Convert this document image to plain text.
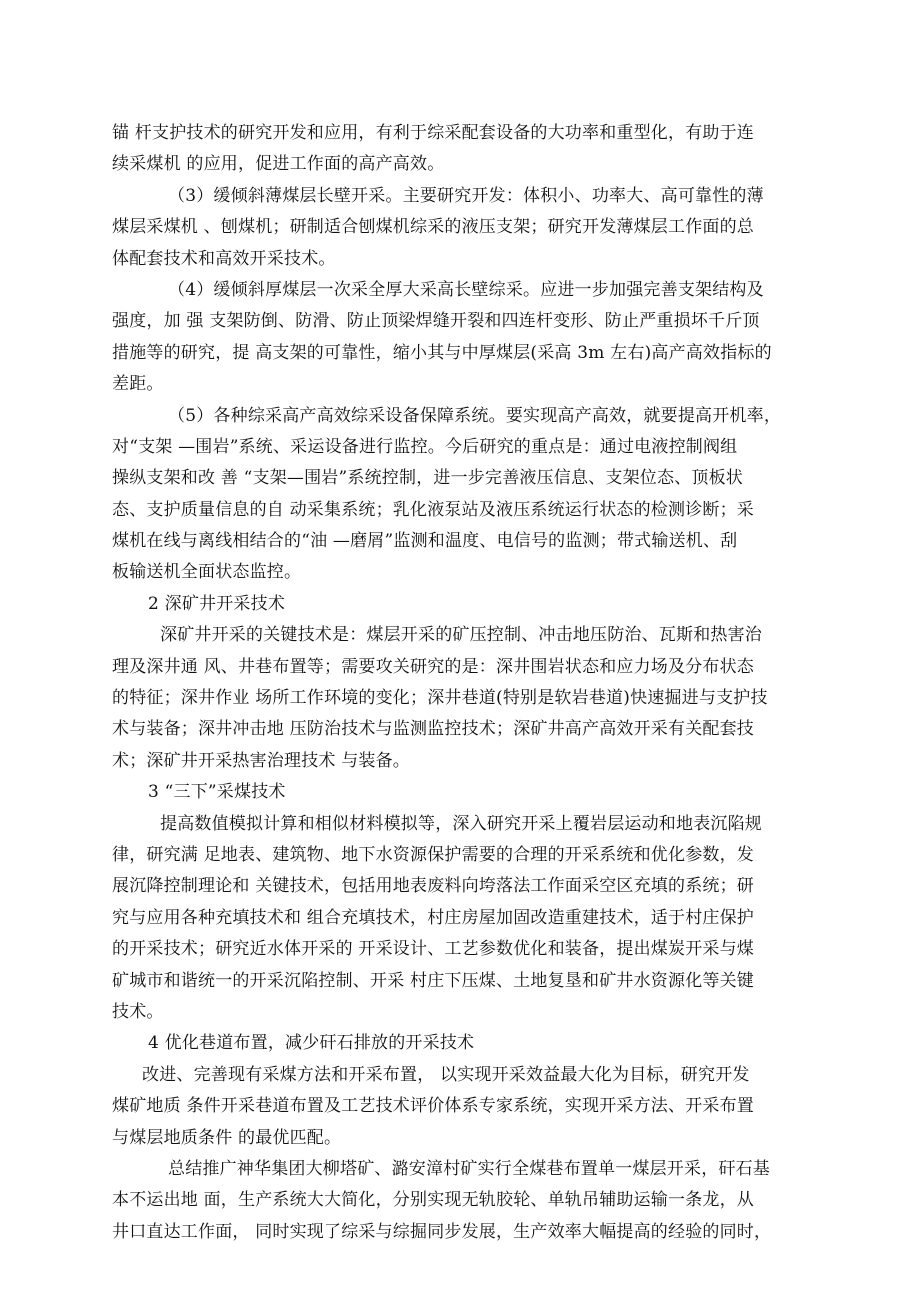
锚 杆支护技术的研究开发和应用，有利于综采配套设备的大功率和重型化，有助于连
续采煤机 的应用，促进工作面的高产高效。
（3）缓倾斜薄煤层长壁开采。主要研究开发：体积小、功率大、高可靠性的薄
煤层采煤机 、刨煤机；研制适合刨煤机综采的液压支架；研究开发薄煤层工作面的总
体配套技术和高效开采技术。
（4）缓倾斜厚煤层一次采全厚大采高长壁综采。应进一步加强完善支架结构及
强度，加 强 支架防倒、防滑、防止顶梁焊缝开裂和四连杆变形、防止严重损坏千斤顶
措施等的研究，提 高支架的可靠性，缩小其与中厚煤层(采高 3m 左右)高产高效指标的
差距。
（5）各种综采高产高效综采设备保障系统。要实现高产高效，就要提高开机率，
对“支架 —围岩”系统、采运设备进行监控。今后研究的重点是：通过电液控制阀组
操纵支架和改 善 “支架—围岩”系统控制，进一步完善液压信息、支架位态、顶板状
态、支护质量信息的自 动采集系统；乳化液泵站及液压系统运行状态的检测诊断；采
煤机在线与离线相结合的“油 —磨屑”监测和温度、电信号的监测；带式输送机、刮
板输送机全面状态监控。
2 深矿井开采技术
深矿井开采的关键技术是：煤层开采的矿压控制、冲击地压防治、瓦斯和热害治
理及深井通 风、井巷布置等；需要攻关研究的是：深井围岩状态和应力场及分布状态
的特征；深井作业 场所工作环境的变化；深井巷道(特别是软岩巷道)快速掘进与支护技
术与装备；深井冲击地 压防治技术与监测监控技术；深矿井高产高效开采有关配套技
术；深矿井开采热害治理技术 与装备。
3 “三下”采煤技术
提高数值模拟计算和相似材料模拟等，深入研究开采上覆岩层运动和地表沉陷规
律，研究满 足地表、建筑物、地下水资源保护需要的合理的开采系统和优化参数，发
展沉降控制理论和 关键技术，包括用地表废料向垮落法工作面采空区充填的系统；研
究与应用各种充填技术和 组合充填技术，村庄房屋加固改造重建技术，适于村庄保护
的开采技术；研究近水体开采的 开采设计、工艺参数优化和装备，提出煤炭开采与煤
矿城市和谐统一的开采沉陷控制、开采 村庄下压煤、土地复垦和矿井水资源化等关键
技术。
4 优化巷道布置，减少矸石排放的开采技术
改进、完善现有采煤方法和开采布置， 以实现开采效益最大化为目标，研究开发
煤矿地质 条件开采巷道布置及工艺技术评价体系专家系统，实现开采方法、开采布置
与煤层地质条件 的最优匹配。
总结推广神华集团大柳塔矿、潞安漳村矿实行全煤巷布置单一煤层开采，矸石基
本不运出地 面，生产系统大大简化，分别实现无轨胶轮、单轨吊辅助运输一条龙，从
井口直达工作面， 同时实现了综采与综掘同步发展，生产效率大幅提高的经验的同时，
